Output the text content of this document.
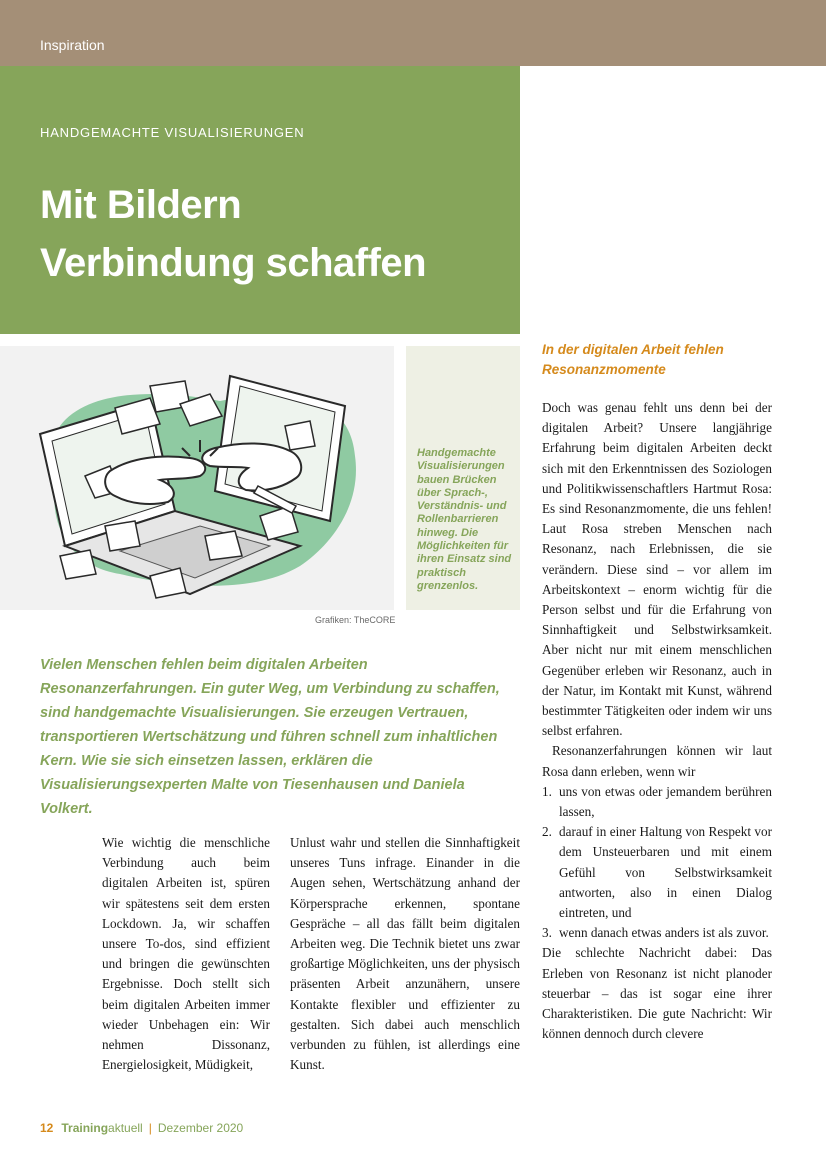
Inspiration
HANDGEMACHTE VISUALISIERUNGEN
Mit Bildern
Verbindung schaffen
Handgemachte Visualisierungen bauen Brücken über Sprach-, Verständnis- und Rollenbarrieren hinweg. Die Möglichkeiten für ihren Einsatz sind praktisch grenzenlos.
Grafiken: TheCORE
Vielen Menschen fehlen beim digitalen Arbeiten Resonanzerfahrungen. Ein guter Weg, um Verbindung zu schaffen, sind handgemachte Visualisierungen. Sie erzeugen Vertrauen, transportieren Wertschätzung und führen schnell zum inhaltlichen Kern. Wie sie sich einsetzen lassen, erklären die Visualisierungsexperten Malte von Tiesenhausen und Daniela Volkert.
Wie wichtig die menschliche Verbindung auch beim digitalen Arbeiten ist, spüren wir spätestens seit dem ersten Lockdown. Ja, wir schaffen unsere To-dos, sind effizient und bringen die gewünschten Ergebnisse. Doch stellt sich beim digitalen Arbeiten immer wieder Unbehagen ein: Wir nehmen Dissonanz, Energielosigkeit, Müdigkeit,
Unlust wahr und stellen die Sinnhaftigkeit unseres Tuns infrage. Einander in die Augen sehen, Wertschätzung anhand der Körpersprache erkennen, spontane Gespräche – all das fällt beim digitalen Arbeiten weg. Die Technik bietet uns zwar großartige Möglichkeiten, uns der physisch präsenten Arbeit anzunähern, unsere Kontakte flexibler und effizienter zu gestalten. Sich dabei auch menschlich verbunden zu fühlen, ist allerdings eine Kunst.
In der digitalen Arbeit fehlen Resonanzmomente

Doch was genau fehlt uns denn bei der digitalen Arbeit? Unsere langjährige Erfahrung beim digitalen Arbeiten deckt sich mit den Erkenntnissen des Soziologen und Politikwissenschaftlers Hartmut Rosa: Es sind Resonanzmomente, die uns fehlen! Laut Rosa streben Menschen nach Resonanz, nach Erlebnissen, die sie verändern. Diese sind – vor allem im Arbeitskontext – enorm wichtig für die Person selbst und für die Erfahrung von Sinnhaftigkeit und Selbstwirksamkeit. Aber nicht nur mit einem menschlichen Gegenüber erleben wir Resonanz, auch in der Natur, im Kontakt mit Kunst, während bestimmter Tätigkeiten oder indem wir uns selbst erfahren.

Resonanzerfahrungen können wir laut Rosa dann erleben, wenn wir

1. uns von etwas oder jemandem berühren lassen,
2. darauf in einer Haltung von Respekt vor dem Unsteuerbaren und mit einem Gefühl von Selbstwirksamkeit antworten, also in einen Dialog eintreten, und
3. wenn danach etwas anders ist als zuvor.

Die schlechte Nachricht dabei: Das Erleben von Resonanz ist nicht planoder steuerbar – das ist sogar eine ihrer Charakteristiken. Die gute Nachricht: Wir können dennoch durch clevere

12 Trainingaktuell | Dezember 2020
